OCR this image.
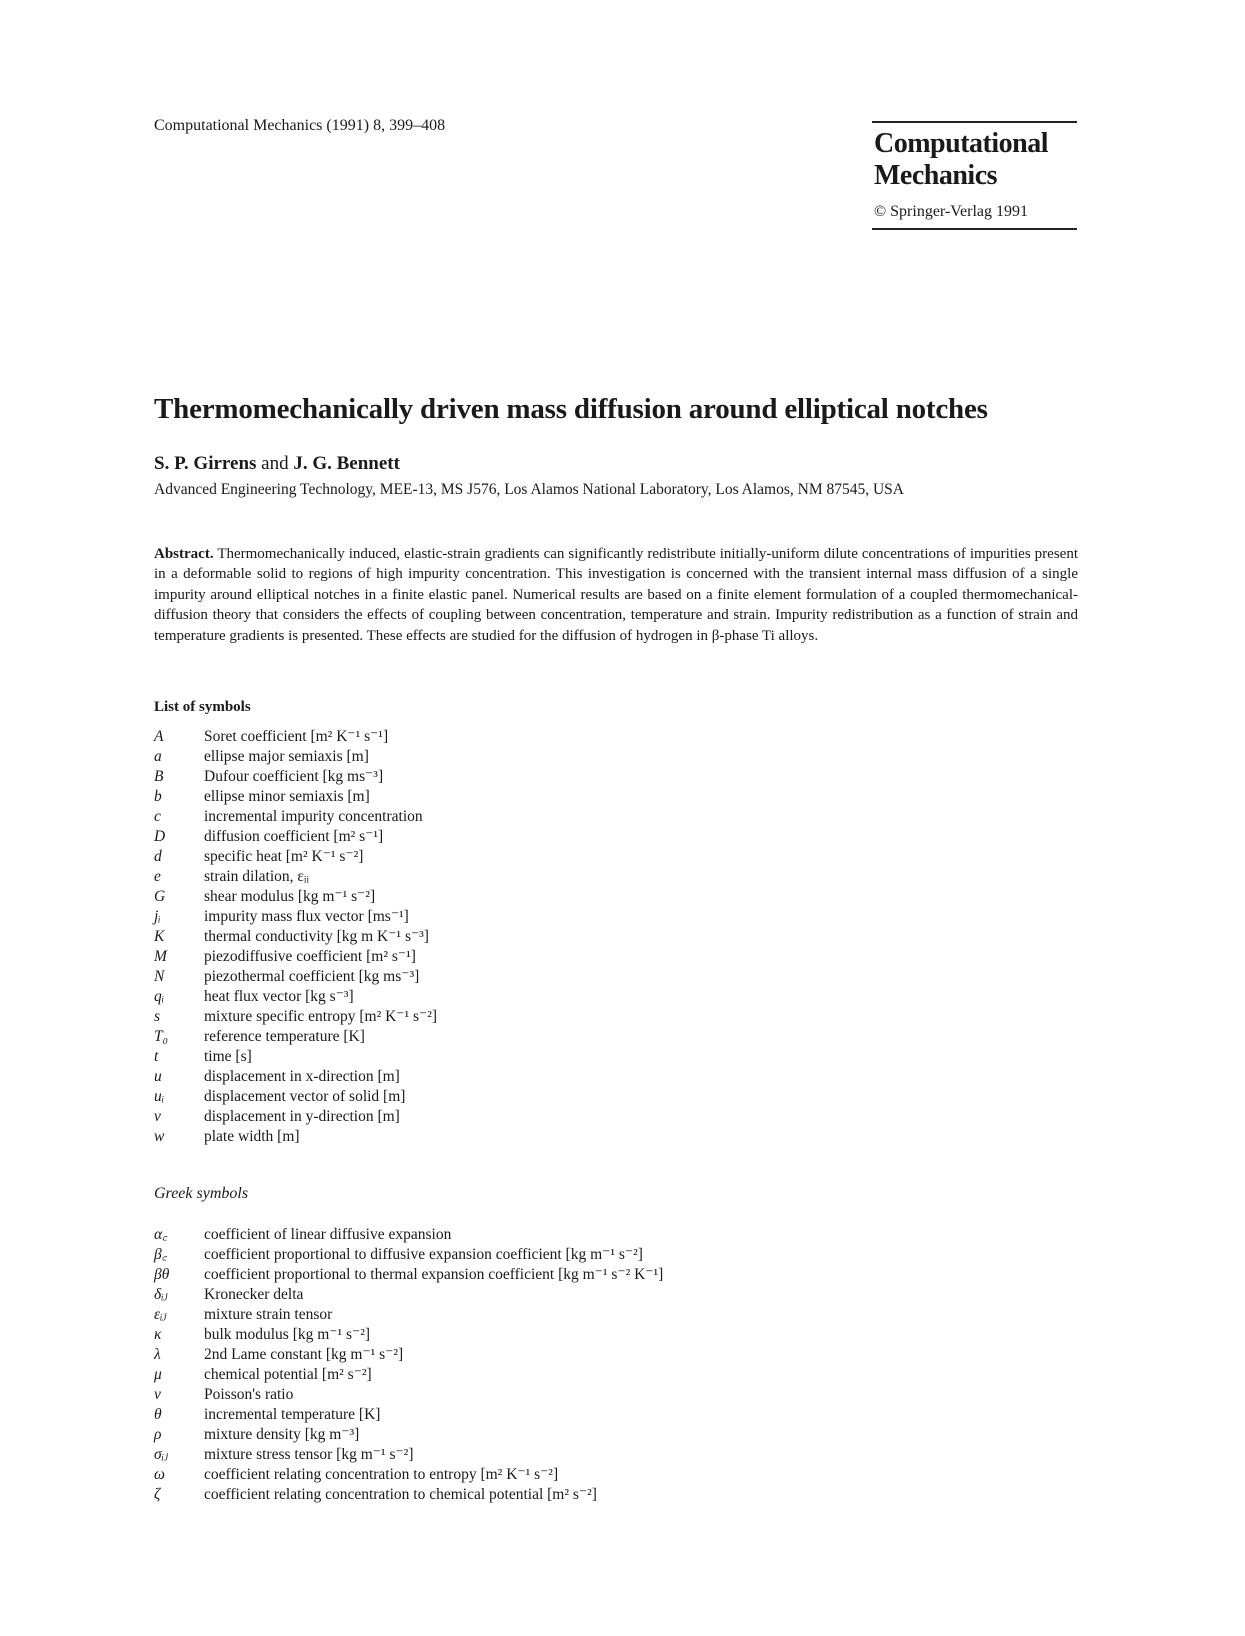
Computational Mechanics (1991) 8, 399–408
Computational
Mechanics
© Springer-Verlag 1991
Thermomechanically driven mass diffusion around elliptical notches
S. P. Girrens and J. G. Bennett
Advanced Engineering Technology, MEE-13, MS J576, Los Alamos National Laboratory, Los Alamos, NM 87545, USA
Abstract. Thermomechanically induced, elastic-strain gradients can significantly redistribute initially-uniform dilute concentrations of impurities present in a deformable solid to regions of high impurity concentration. This investigation is concerned with the transient internal mass diffusion of a single impurity around elliptical notches in a finite elastic panel. Numerical results are based on a finite element formulation of a coupled thermomechanical-diffusion theory that considers the effects of coupling between concentration, temperature and strain. Impurity redistribution as a function of strain and temperature gradients is presented. These effects are studied for the diffusion of hydrogen in β-phase Ti alloys.
List of symbols
A	Soret coefficient [m² K⁻¹ s⁻¹]
a	ellipse major semiaxis [m]
B	Dufour coefficient [kg ms⁻³]
b	ellipse minor semiaxis [m]
c	incremental impurity concentration
D	diffusion coefficient [m² s⁻¹]
d	specific heat [m² K⁻¹ s⁻²]
e	strain dilation, εᵢᵢ
G	shear modulus [kg m⁻¹ s⁻²]
jᵢ	impurity mass flux vector [ms⁻¹]
K	thermal conductivity [kg m K⁻¹ s⁻³]
M	piezodiffusive coefficient [m² s⁻¹]
N	piezothermal coefficient [kg ms⁻³]
qᵢ	heat flux vector [kg s⁻³]
s	mixture specific entropy [m² K⁻¹ s⁻²]
T₀	reference temperature [K]
t	time [s]
u	displacement in x-direction [m]
uᵢ	displacement vector of solid [m]
v	displacement in y-direction [m]
w	plate width [m]
Greek symbols
α꜀	coefficient of linear diffusive expansion
β꜀	coefficient proportional to diffusive expansion coefficient [kg m⁻¹ s⁻²]
βθ	coefficient proportional to thermal expansion coefficient [kg m⁻¹ s⁻² K⁻¹]
δᵢⱼ	Kronecker delta
εᵢⱼ	mixture strain tensor
κ	bulk modulus [kg m⁻¹ s⁻²]
λ	2nd Lame constant [kg m⁻¹ s⁻²]
μ	chemical potential [m² s⁻²]
ν	Poisson's ratio
θ	incremental temperature [K]
ρ	mixture density [kg m⁻³]
σᵢⱼ	mixture stress tensor [kg m⁻¹ s⁻²]
ω	coefficient relating concentration to entropy [m² K⁻¹ s⁻²]
ζ	coefficient relating concentration to chemical potential [m² s⁻²]
